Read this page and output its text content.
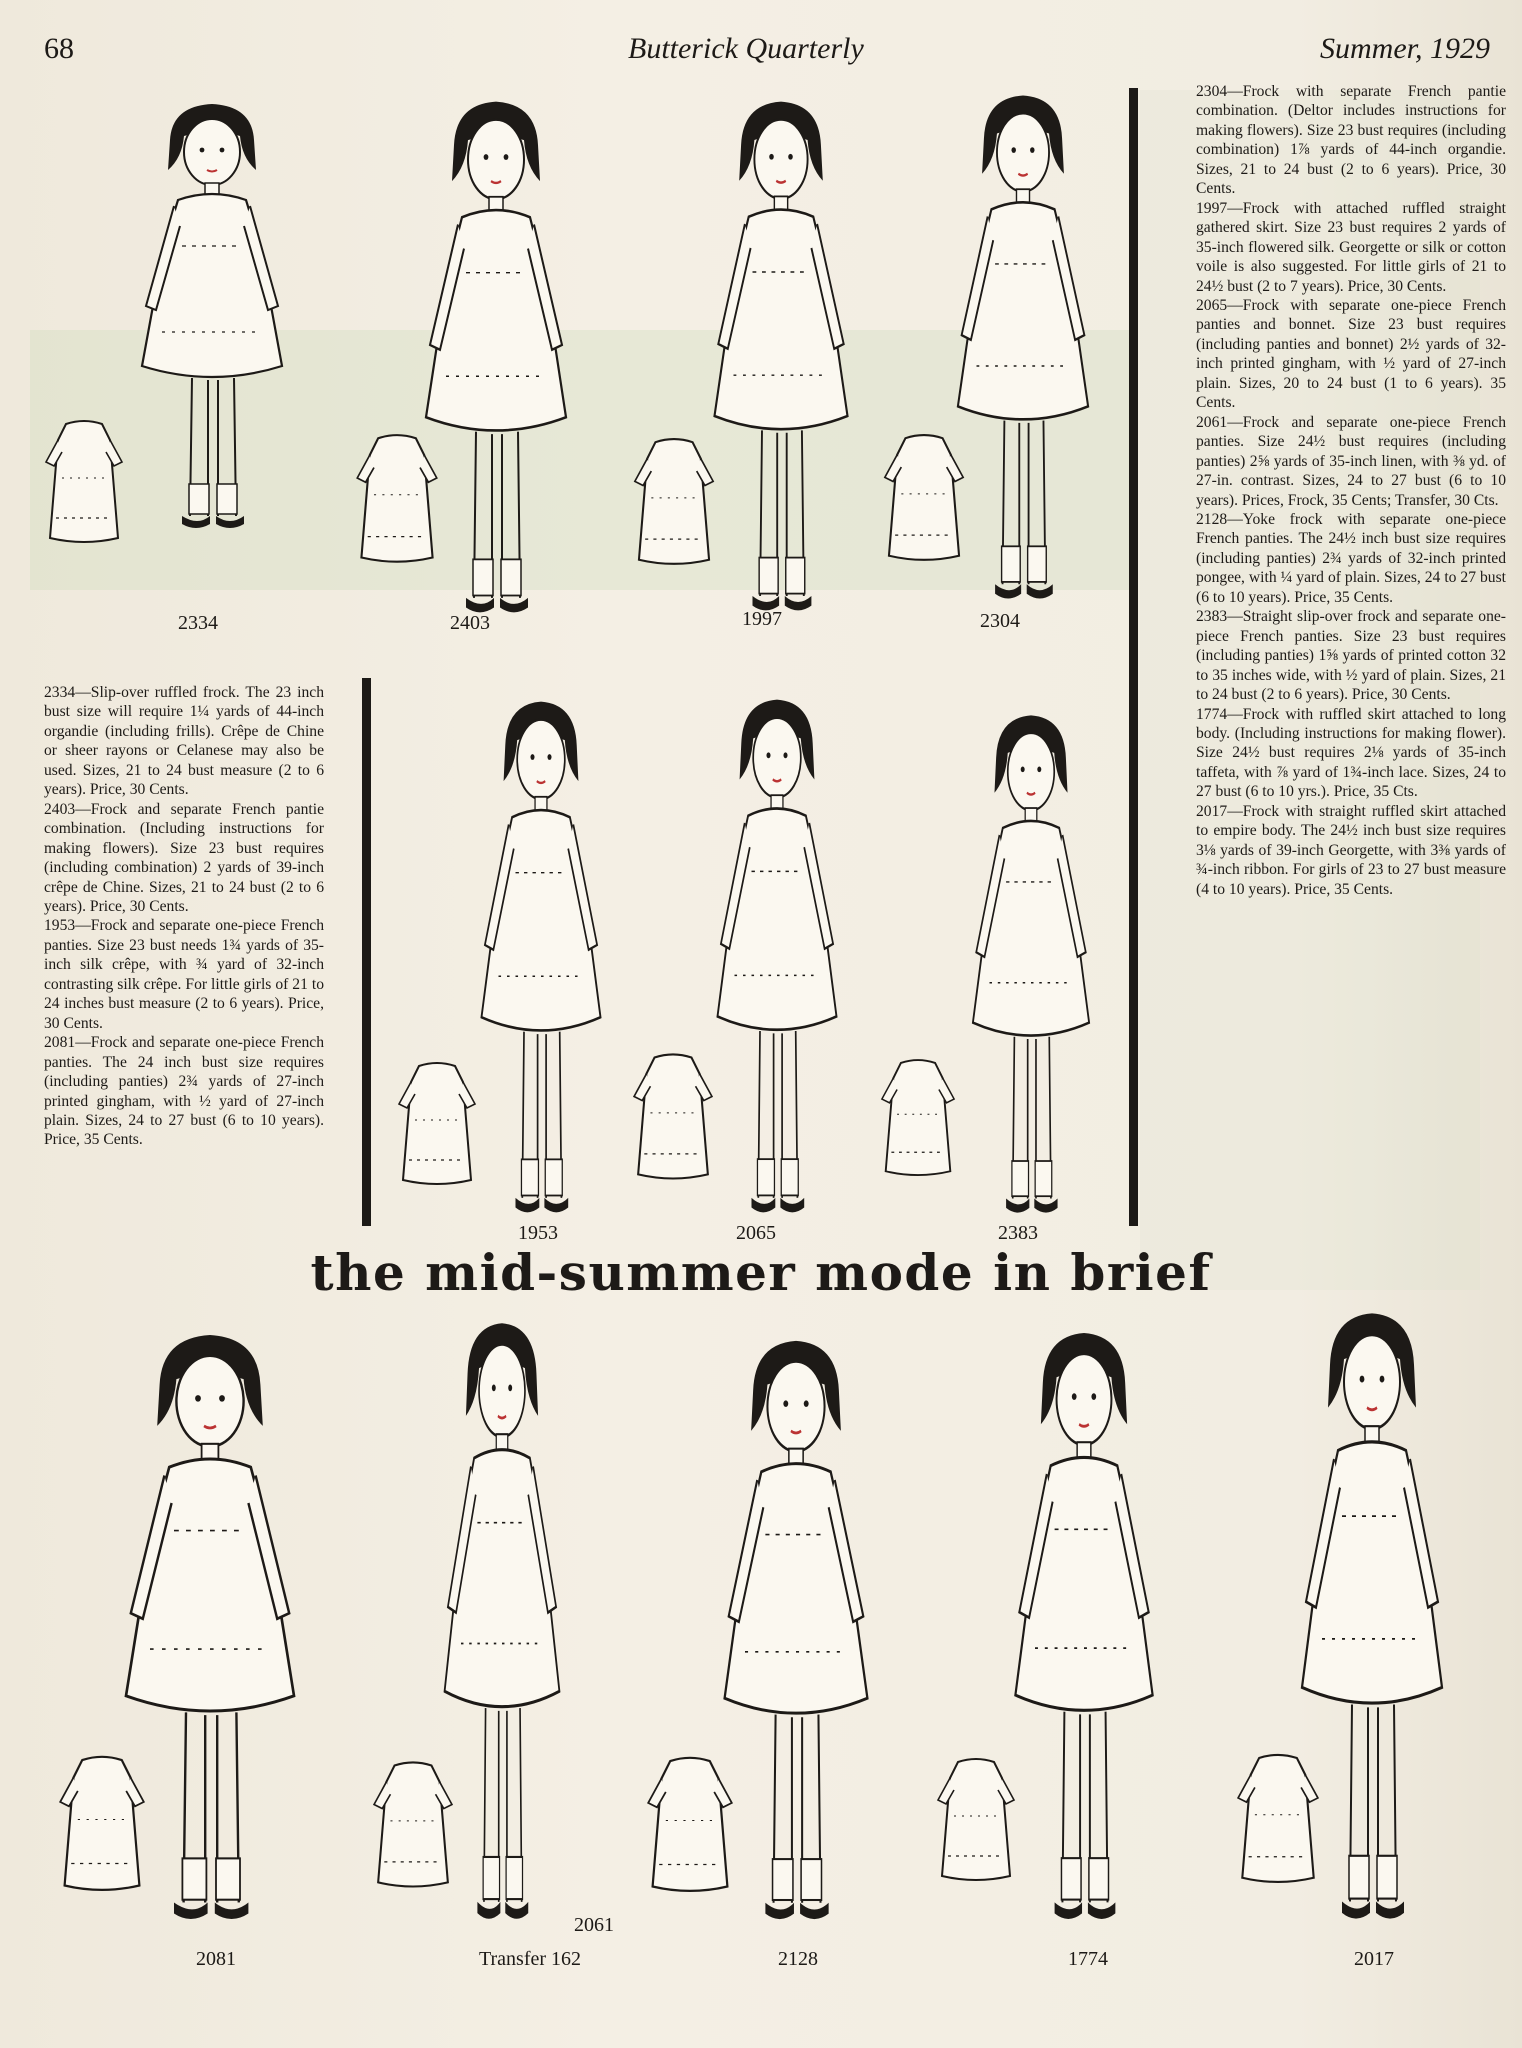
68	Butterick Quarterly	Summer, 1929

2334—Slip-over ruffled frock. The 23 inch bust size will require 1¼ yards of 44-inch organdie (including frills). Crêpe de Chine or sheer rayons or Celanese may also be used. Sizes, 21 to 24 bust measure (2 to 6 years). Price, 30 Cents.

2403—Frock and separate French pantie combination. (Including instructions for making flowers). Size 23 bust requires (including combination) 2 yards of 39-inch crêpe de Chine. Sizes, 21 to 24 bust (2 to 6 years). Price, 30 Cents.

1953—Frock and separate one-piece French panties. Size 23 bust needs 1¾ yards of 35-inch silk crêpe, with ¾ yard of 32-inch contrasting silk crêpe. For little girls of 21 to 24 inches bust measure (2 to 6 years). Price, 30 Cents.

2081—Frock and separate one-piece French panties. The 24 inch bust size requires (including panties) 2¾ yards of 27-inch printed gingham, with ½ yard of 27-inch plain. Sizes, 24 to 27 bust (6 to 10 years). Price, 35 Cents.

2304—Frock with separate French pantie combination. (Deltor includes instructions for making flowers). Size 23 bust requires (including combination) 1⅞ yards of 44-inch organdie. Sizes, 21 to 24 bust (2 to 6 years). Price, 30 Cents.

1997—Frock with attached ruffled straight gathered skirt. Size 23 bust requires 2 yards of 35-inch flowered silk. Georgette or silk or cotton voile is also suggested. For little girls of 21 to 24½ bust (2 to 7 years). Price, 30 Cents.

2065—Frock with separate one-piece French panties and bonnet. Size 23 bust requires (including panties and bonnet) 2½ yards of 32-inch printed gingham, with ½ yard of 27-inch plain. Sizes, 20 to 24 bust (1 to 6 years). 35 Cents.

2061—Frock and separate one-piece French panties. Size 24½ bust requires (including panties) 2⅝ yards of 35-inch linen, with ⅜ yd. of 27-in. contrast. Sizes, 24 to 27 bust (6 to 10 years). Prices, Frock, 35 Cents; Transfer, 30 Cts.

2128—Yoke frock with separate one-piece French panties. The 24½ inch bust size requires (including panties) 2¾ yards of 32-inch printed pongee, with ¼ yard of plain. Sizes, 24 to 27 bust (6 to 10 years). Price, 35 Cents.

2383—Straight slip-over frock and separate one-piece French panties. Size 23 bust requires (including panties) 1⅝ yards of printed cotton 32 to 35 inches wide, with ½ yard of plain. Sizes, 21 to 24 bust (2 to 6 years). Price, 30 Cents.

1774—Frock with ruffled skirt attached to long body. (Including instructions for making flower). Size 24½ bust requires 2⅛ yards of 35-inch taffeta, with ⅞ yard of 1¾-inch lace. Sizes, 24 to 27 bust (6 to 10 yrs.). Price, 35 Cts.

2017—Frock with straight ruffled skirt attached to empire body. The 24½ inch bust size requires 3⅛ yards of 39-inch Georgette, with 3⅜ yards of ¾-inch ribbon. For girls of 23 to 27 bust measure (4 to 10 years). Price, 35 Cents.

the mid-summer mode in brief
2334	2403	1997	2304
1953	2065	2383
2081
2061
Transfer 162	2128	1774	2017
